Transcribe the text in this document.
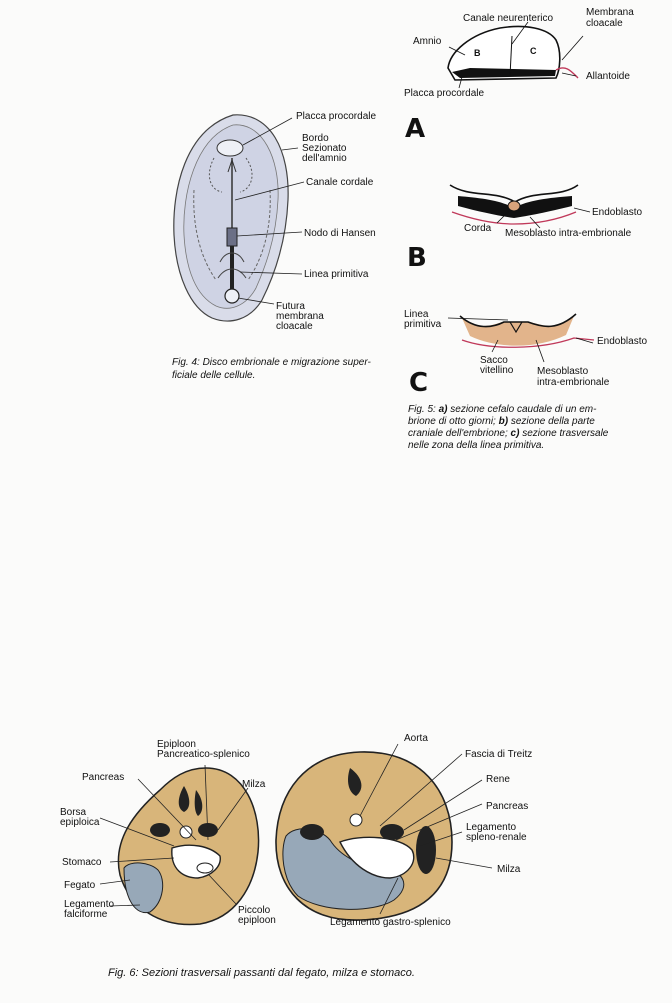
Placca procordale
Bordo
Sezionato
dell'amnio
Canale cordale
Nodo di Hansen
Linea primitiva
Futura
membrana
cloacale
Fig. 4: Disco embrionale e migrazione super-
ficiale delle cellule.
Canale neurenterico
Membrana
cloacale
Amnio
B	C
Allantoide
Placca procordale
A
Endoblasto
Corda Mesoblasto intra-embrionale
B
Linea
primitiva
Endoblasto
Sacco
vitellino Mesoblasto
intra-embrionale
C
Fig. 5: a) sezione cefalo caudale di un em-
brione di otto giorni; b) sezione della parte
craniale dell'embrione; c) sezione trasversale
nelle zona della linea primitiva.
Epiploon
Pancreatico-splenico
Pancreas
Milza
Borsa
epiploica
Stomaco
Fegato
Legamento
falciforme	Piccolo
epiploon
Aorta
Fascia di Treitz
Rene
Pancreas
Legamento
spleno-renale
Milza
Legamento gastro-splenico
Fig. 6: Sezioni trasversali passanti dal fegato, milza e stomaco.
